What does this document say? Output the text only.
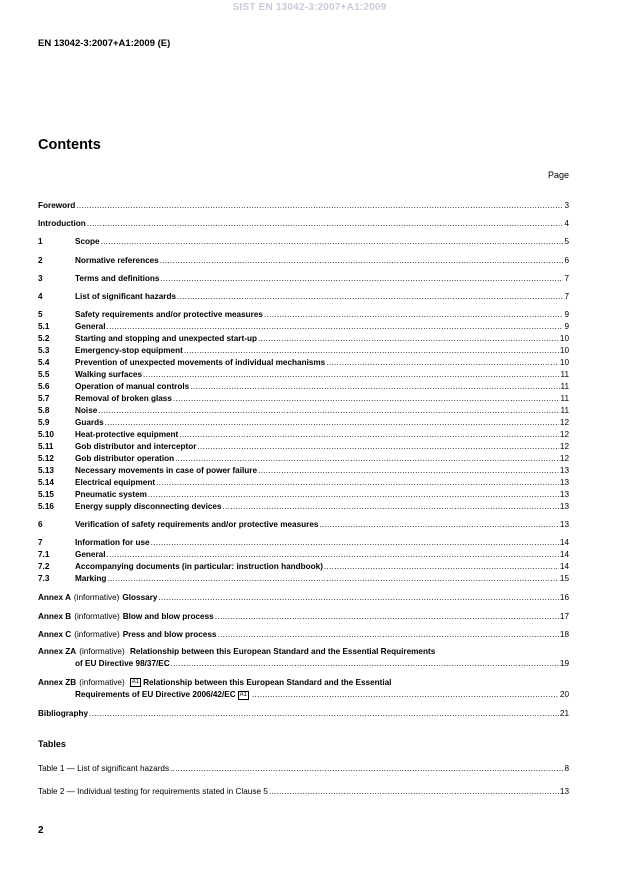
SIST EN 13042-3:2007+A1:2009
EN 13042-3:2007+A1:2009 (E)
Contents
Page
Foreword .....	3
Introduction .....	4
1	Scope .....	5
2	Normative references .....	6
3	Terms and definitions .....	7
4	List of significant hazards .....	7
5	Safety requirements and/or protective measures .....	9
5.1	General .....	9
5.2	Starting and stopping and unexpected start-up .....	10
5.3	Emergency-stop equipment .....	10
5.4	Prevention of unexpected movements of individual mechanisms .....	10
5.5	Walking surfaces .....	11
5.6	Operation of manual controls .....	11
5.7	Removal of broken glass .....	11
5.8	Noise .....	11
5.9	Guards .....	12
5.10	Heat-protective equipment .....	12
5.11	Gob distributor and interceptor .....	12
5.12	Gob distributor operation .....	12
5.13	Necessary movements in case of power failure .....	13
5.14	Electrical equipment .....	13
5.15	Pneumatic system .....	13
5.16	Energy supply disconnecting devices .....	13
6	Verification of safety requirements and/or protective measures .....	13
7	Information for use .....	14
7.1	General .....	14
7.2	Accompanying documents (in particular: instruction handbook) .....	14
7.3	Marking .....	15
Annex A (informative) Glossary .....	16
Annex B (informative) Blow and blow process .....	17
Annex C (informative) Press and blow process .....	18
Annex ZA (informative) Relationship between this European Standard and the Essential Requirements
of EU Directive 98/37/EC .....	19
Annex ZB (informative) A1 Relationship between this European Standard and the Essential
Requirements of EU Directive 2006/42/EC A1 .....	20
Bibliography .....	21
Table 1 — List of significant hazards .....	8
Table 2 — Individual testing for requirements stated in Clause 5 .....	13
Tables
2
